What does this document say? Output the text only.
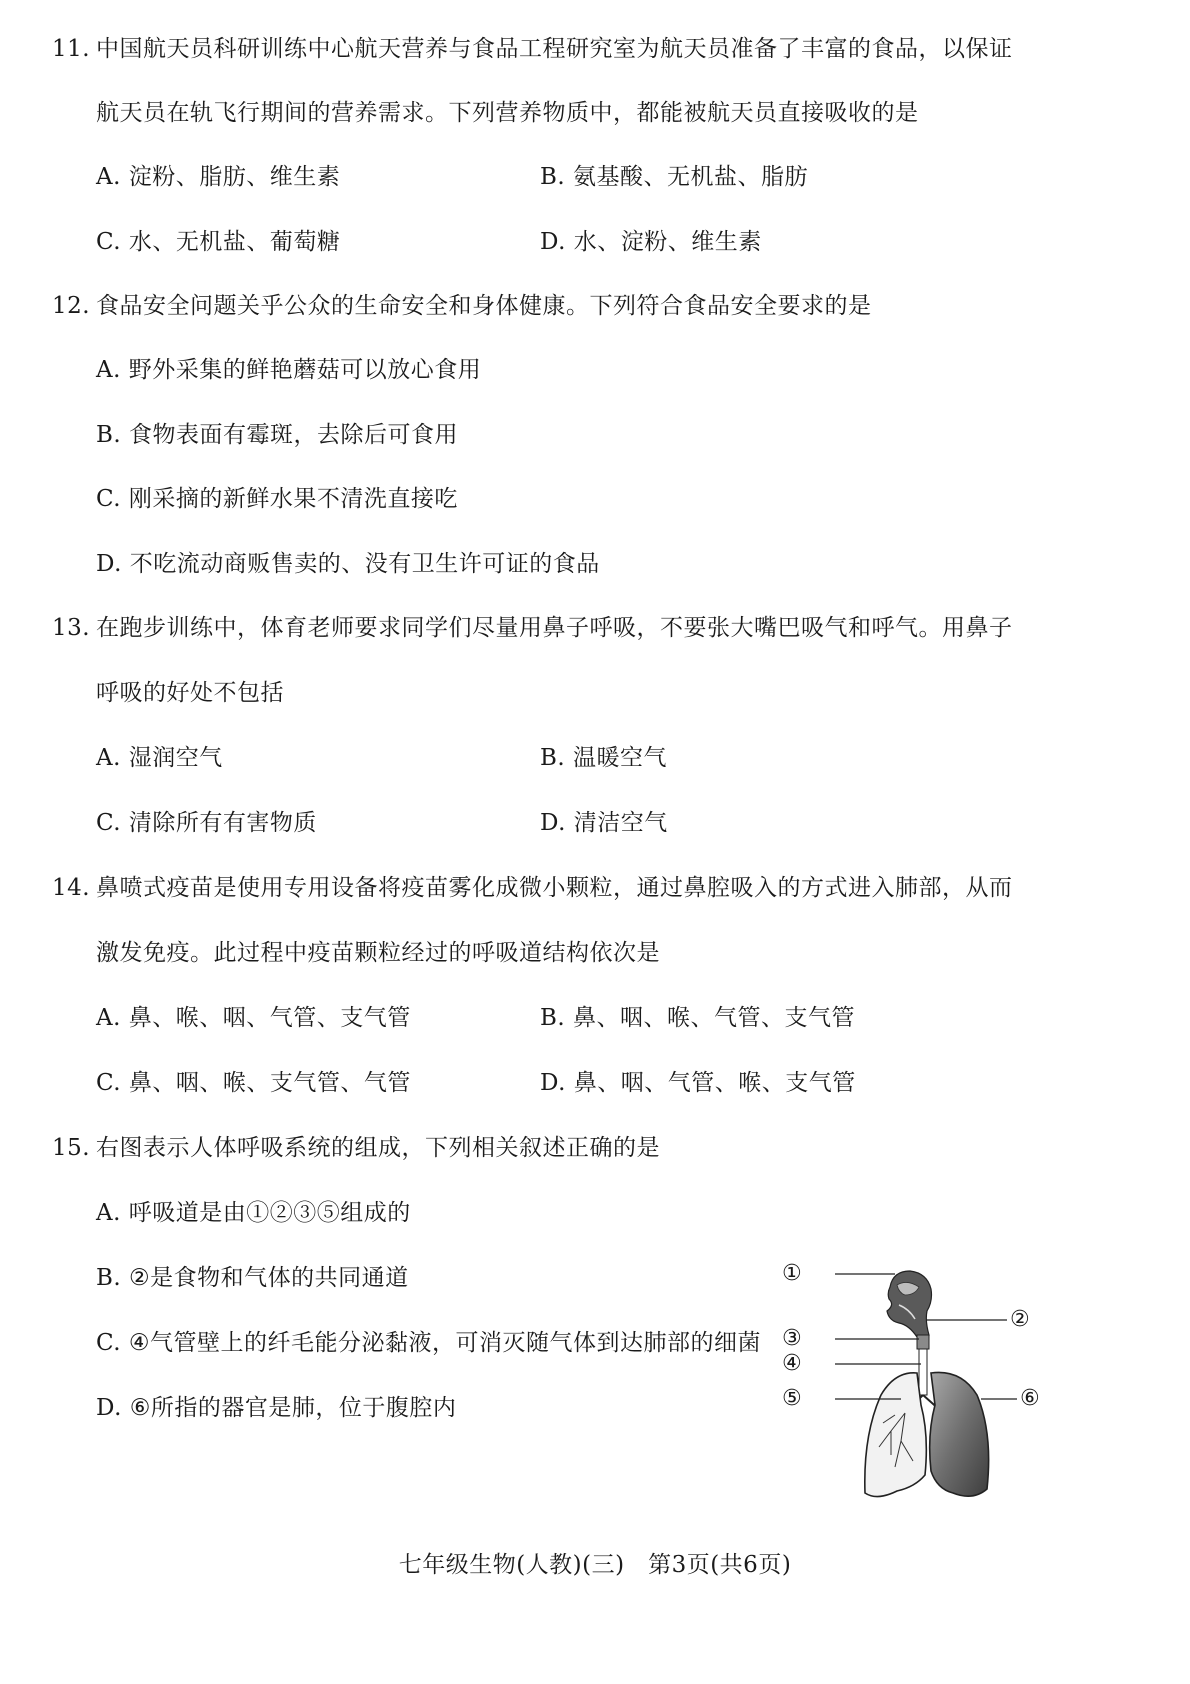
11. 中国航天员科研训练中心航天营养与食品工程研究室为航天员准备了丰富的食品，以保证
航天员在轨飞行期间的营养需求。下列营养物质中，都能被航天员直接吸收的是
A. 淀粉、脂肪、维生素	B. 氨基酸、无机盐、脂肪
C. 水、无机盐、葡萄糖	D. 水、淀粉、维生素
12. 食品安全问题关乎公众的生命安全和身体健康。下列符合食品安全要求的是
A. 野外采集的鲜艳蘑菇可以放心食用
B. 食物表面有霉斑，去除后可食用
C. 刚采摘的新鲜水果不清洗直接吃
D. 不吃流动商贩售卖的、没有卫生许可证的食品
13. 在跑步训练中，体育老师要求同学们尽量用鼻子呼吸，不要张大嘴巴吸气和呼气。用鼻子
呼吸的好处不包括
A. 湿润空气	B. 温暖空气
C. 清除所有有害物质	D. 清洁空气
14. 鼻喷式疫苗是使用专用设备将疫苗雾化成微小颗粒，通过鼻腔吸入的方式进入肺部，从而
激发免疫。此过程中疫苗颗粒经过的呼吸道结构依次是
A. 鼻、喉、咽、气管、支气管	B. 鼻、咽、喉、气管、支气管
C. 鼻、咽、喉、支气管、气管	D. 鼻、咽、气管、喉、支气管
15. 右图表示人体呼吸系统的组成，下列相关叙述正确的是
A. 呼吸道是由①②③⑤组成的
B. ②是食物和气体的共同通道
C. ④气管壁上的纤毛能分泌黏液，可消灭随气体到达肺部的细菌
D. ⑥所指的器官是肺，位于腹腔内
①
②
③
④
⑤	⑥
七年级生物(人教)(三)　第3页(共6页)
